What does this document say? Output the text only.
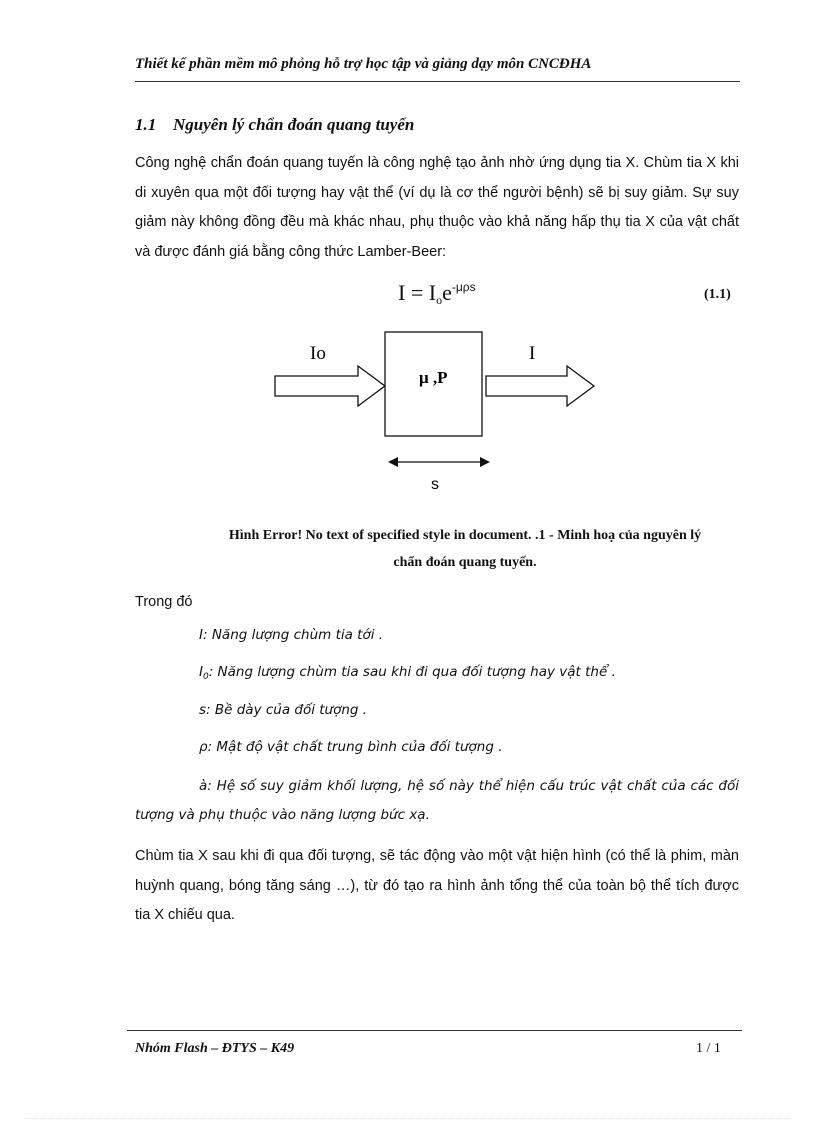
Thiết kế phần mềm mô phỏng hỗ trợ học tập và giảng dạy môn CNCĐHA
1.1 Nguyên lý chẩn đoán quang tuyến
Công nghệ chẩn đoán quang tuyến là công nghệ tạo ảnh nhờ ứng dụng tia X. Chùm tia X khi di xuyên qua một đối tượng hay vật thể (ví dụ là cơ thể người bệnh) sẽ bị suy giảm. Sự suy giảm này không đồng đều mà khác nhau, phụ thuộc vào khả năng hấp thụ tia X của vật chất và được đánh giá bằng công thức Lamber-Beer:
$I = I_oe^{-\mu\rho s}$	(1.1)
Io	I
μ ,P
s
Hình Error! No text of specified style in document. .1 - Minh hoạ của nguyên lý
chẩn đoán quang tuyến.
Trong đó
I: Năng lượng chùm tia tới .
$I_0$: Năng lượng chùm tia sau khi đi qua đối tượng hay vật thể .
s: Bề dày của đối tượng .
ρ: Mật độ vật chất trung bình của đối tượng .
à: Hệ số suy giảm khối lượng, hệ số này thể hiện cấu trúc vật chất của các đối tượng và phụ thuộc vào năng lượng bức xạ.
Chùm tia X sau khi đi qua đối tượng, sẽ tác động vào một vật hiện hình (có thể là phim, màn huỳnh quang, bóng tăng sáng …), từ đó tạo ra hình ảnh tổng thể của toàn bộ thể tích được tia X chiếu qua.
Nhóm Flash – ĐTYS – K49	1 / 1
